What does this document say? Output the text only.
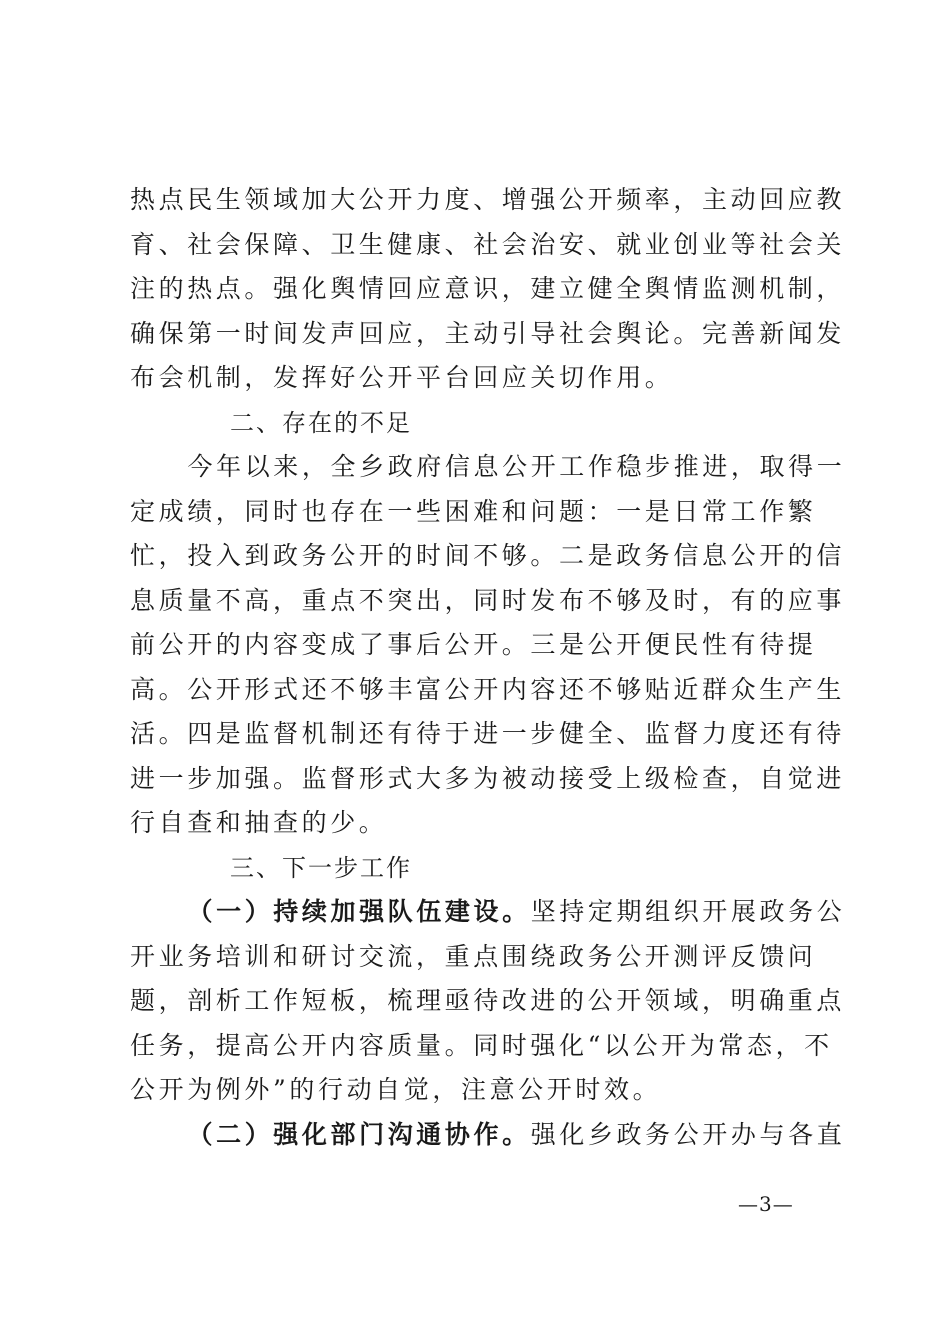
热点民生领域加大公开力度、增强公开频率，主动回应教育、社会保障、卫生健康、社会治安、就业创业等社会关注的热点。强化舆情回应意识，建立健全舆情监测机制，确保第一时间发声回应，主动引导社会舆论。完善新闻发布会机制，发挥好公开平台回应关切作用。

二、存在的不足

今年以来，全乡政府信息公开工作稳步推进，取得一定成绩，同时也存在一些困难和问题：一是日常工作繁忙，投入到政务公开的时间不够。二是政务信息公开的信息质量不高，重点不突出，同时发布不够及时，有的应事前公开的内容变成了事后公开。三是公开便民性有待提高。公开形式还不够丰富公开内容还不够贴近群众生产生活。四是监督机制还有待于进一步健全、监督力度还有待进一步加强。监督形式大多为被动接受上级检查，自觉进行自查和抽查的少。

三、下一步工作

（一）持续加强队伍建设。坚持定期组织开展政务公开业务培训和研讨交流，重点围绕政务公开测评反馈问题，剖析工作短板，梳理亟待改进的公开领域，明确重点任务，提高公开内容质量。同时强化“以公开为常态，不公开为例外”的行动自觉，注意公开时效。

（二）强化部门沟通协作。强化乡政务公开办与各直

—3—
